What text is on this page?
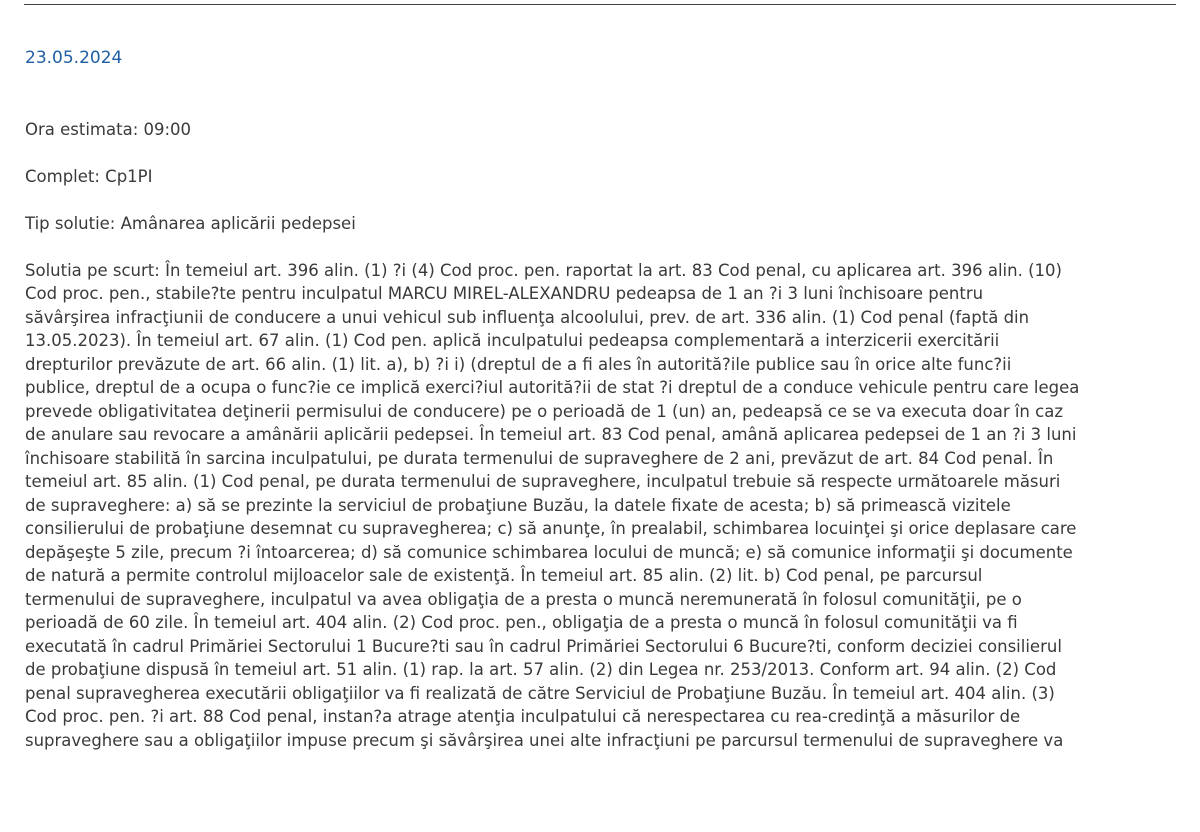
23.05.2024

Ora estimata: 09:00

Complet: Cp1PI

Tip solutie: Amânarea aplicării pedepsei

Solutia pe scurt: În temeiul art. 396 alin. (1) ?i (4) Cod proc. pen. raportat la art. 83 Cod penal, cu aplicarea art. 396 alin. (10)
Cod proc. pen., stabile?te pentru inculpatul MARCU MIREL-ALEXANDRU pedeapsa de 1 an ?i 3 luni închisoare pentru
săvârşirea infracţiunii de conducere a unui vehicul sub influenţa alcoolului, prev. de art. 336 alin. (1) Cod penal (faptă din
13.05.2023). În temeiul art. 67 alin. (1) Cod pen. aplică inculpatului pedeapsa complementară a interzicerii exercitării
drepturilor prevăzute de art. 66 alin. (1) lit. a), b) ?i i) (dreptul de a fi ales în autorită?ile publice sau în orice alte func?ii
publice, dreptul de a ocupa o func?ie ce implică exerci?iul autorită?ii de stat ?i dreptul de a conduce vehicule pentru care legea
prevede obligativitatea deţinerii permisului de conducere) pe o perioadă de 1 (un) an, pedeapsă ce se va executa doar în caz
de anulare sau revocare a amânării aplicării pedepsei. În temeiul art. 83 Cod penal, amână aplicarea pedepsei de 1 an ?i 3 luni
închisoare stabilită în sarcina inculpatului, pe durata termenului de supraveghere de 2 ani, prevăzut de art. 84 Cod penal. În
temeiul art. 85 alin. (1) Cod penal, pe durata termenului de supraveghere, inculpatul trebuie să respecte următoarele măsuri
de supraveghere: a) să se prezinte la serviciul de probaţiune Buzău, la datele fixate de acesta; b) să primească vizitele
consilierului de probaţiune desemnat cu supravegherea; c) să anunţe, în prealabil, schimbarea locuinţei şi orice deplasare care
depăşeşte 5 zile, precum ?i întoarcerea; d) să comunice schimbarea locului de muncă; e) să comunice informaţii şi documente
de natură a permite controlul mijloacelor sale de existenţă. În temeiul art. 85 alin. (2) lit. b) Cod penal, pe parcursul
termenului de supraveghere, inculpatul va avea obligaţia de a presta o muncă neremunerată în folosul comunităţii, pe o
perioadă de 60 zile. În temeiul art. 404 alin. (2) Cod proc. pen., obligaţia de a presta o muncă în folosul comunităţii va fi
executată în cadrul Primăriei Sectorului 1 Bucure?ti sau în cadrul Primăriei Sectorului 6 Bucure?ti, conform deciziei consilierul
de probaţiune dispusă în temeiul art. 51 alin. (1) rap. la art. 57 alin. (2) din Legea nr. 253/2013. Conform art. 94 alin. (2) Cod
penal supravegherea executării obligaţiilor va fi realizată de către Serviciul de Probaţiune Buzău. În temeiul art. 404 alin. (3)
Cod proc. pen. ?i art. 88 Cod penal, instan?a atrage atenţia inculpatului că nerespectarea cu rea-credinţă a măsurilor de
supraveghere sau a obligaţiilor impuse precum şi săvârşirea unei alte infracţiuni pe parcursul termenului de supraveghere va
